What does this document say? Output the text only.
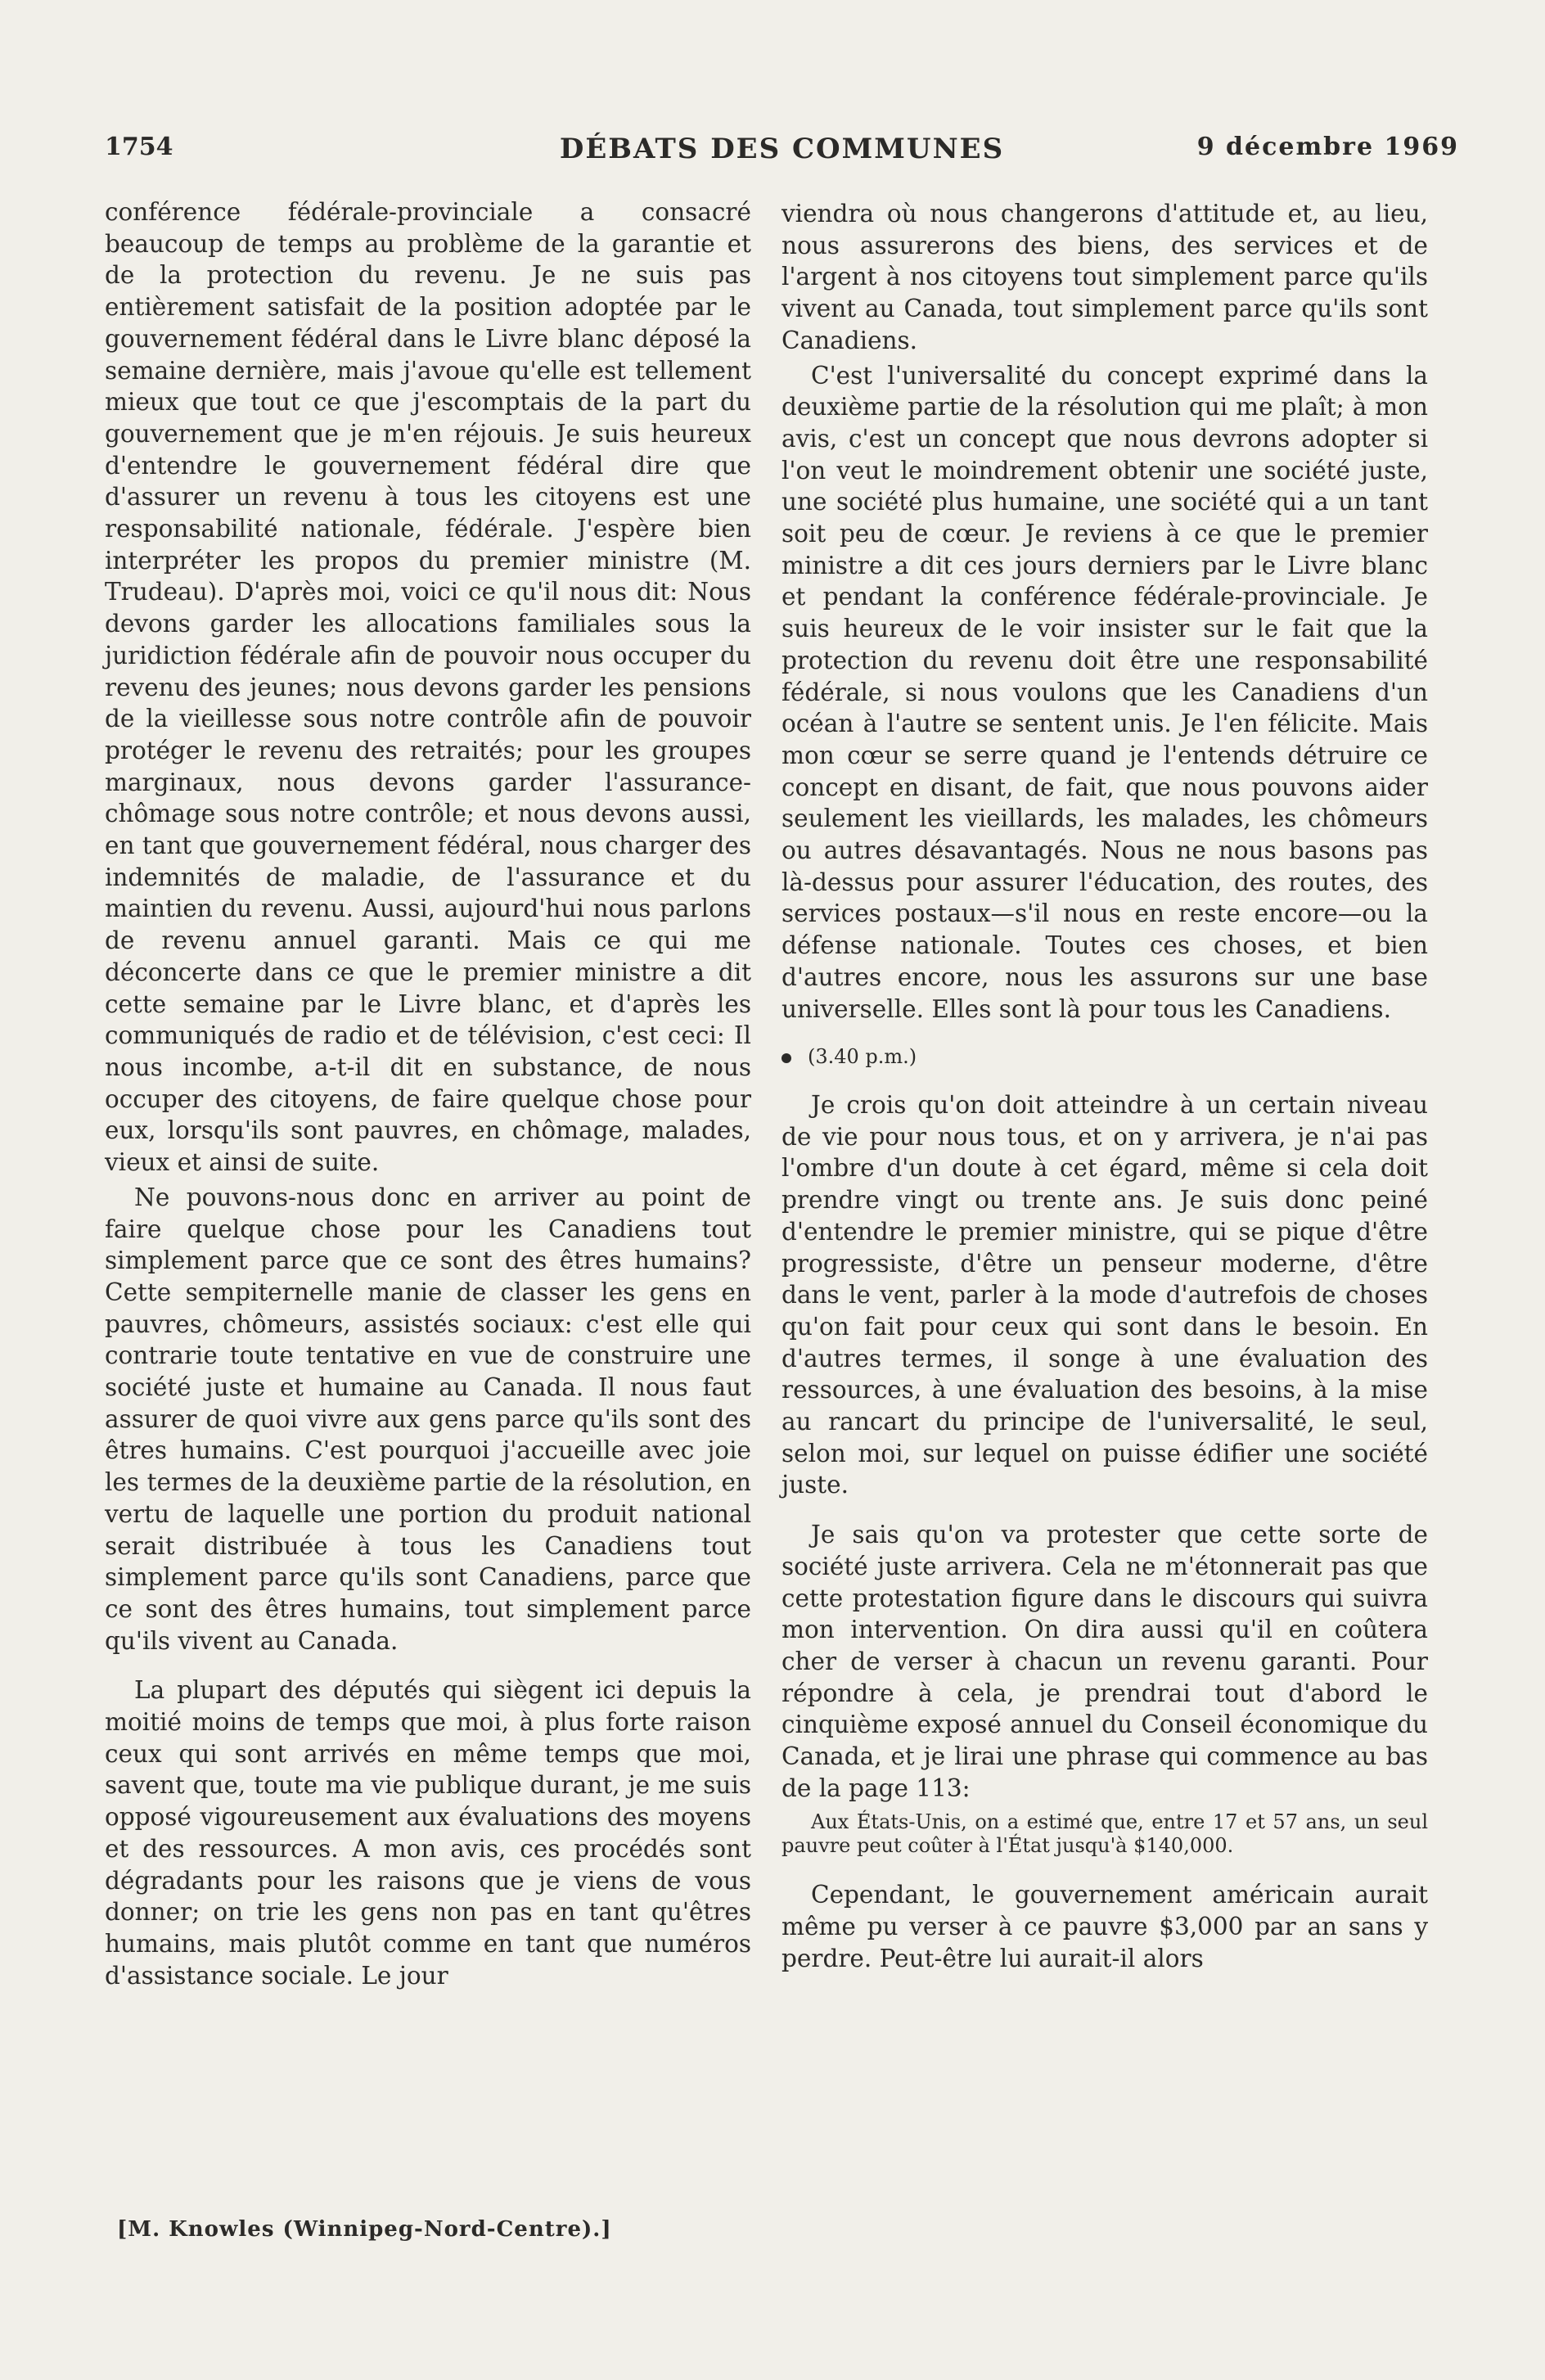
1754	DÉBATS DES COMMUNES	9 décembre 1969

conférence fédérale-provinciale a consacré beaucoup de temps au problème de la garantie et de la protection du revenu. Je ne suis pas entièrement satisfait de la position adoptée par le gouvernement fédéral dans le Livre blanc déposé la semaine dernière, mais j'avoue qu'elle est tellement mieux que tout ce que j'escomptais de la part du gouvernement que je m'en réjouis. Je suis heureux d'entendre le gouvernement fédéral dire que d'assurer un revenu à tous les citoyens est une responsabilité nationale, fédérale. J'espère bien interpréter les propos du premier ministre (M. Trudeau). D'après moi, voici ce qu'il nous dit: Nous devons garder les allocations familiales sous la juridiction fédérale afin de pouvoir nous occuper du revenu des jeunes; nous devons garder les pensions de la vieillesse sous notre contrôle afin de pouvoir protéger le revenu des retraités; pour les groupes marginaux, nous devons garder l'assurance-chômage sous notre contrôle; et nous devons aussi, en tant que gouvernement fédéral, nous charger des indemnités de maladie, de l'assurance et du maintien du revenu. Aussi, aujourd'hui nous parlons de revenu annuel garanti. Mais ce qui me déconcerte dans ce que le premier ministre a dit cette semaine par le Livre blanc, et d'après les communiqués de radio et de télévision, c'est ceci: Il nous incombe, a-t-il dit en substance, de nous occuper des citoyens, de faire quelque chose pour eux, lorsqu'ils sont pauvres, en chômage, malades, vieux et ainsi de suite.

Ne pouvons-nous donc en arriver au point de faire quelque chose pour les Canadiens tout simplement parce que ce sont des êtres humains? Cette sempiternelle manie de classer les gens en pauvres, chômeurs, assistés sociaux: c'est elle qui contrarie toute tentative en vue de construire une société juste et humaine au Canada. Il nous faut assurer de quoi vivre aux gens parce qu'ils sont des êtres humains. C'est pourquoi j'accueille avec joie les termes de la deuxième partie de la résolution, en vertu de laquelle une portion du produit national serait distribuée à tous les Canadiens tout simplement parce qu'ils sont Canadiens, parce que ce sont des êtres humains, tout simplement parce qu'ils vivent au Canada.

La plupart des députés qui siègent ici depuis la moitié moins de temps que moi, à plus forte raison ceux qui sont arrivés en même temps que moi, savent que, toute ma vie publique durant, je me suis opposé vigoureusement aux évaluations des moyens et des ressources. A mon avis, ces procédés sont dégradants pour les raisons que je viens de vous donner; on trie les gens non pas en tant qu'êtres humains, mais plutôt comme en tant que numéros d'assistance sociale. Le jour

viendra où nous changerons d'attitude et, au lieu, nous assurerons des biens, des services et de l'argent à nos citoyens tout simplement parce qu'ils vivent au Canada, tout simplement parce qu'ils sont Canadiens.

C'est l'universalité du concept exprimé dans la deuxième partie de la résolution qui me plaît; à mon avis, c'est un concept que nous devrons adopter si l'on veut le moindrement obtenir une société juste, une société plus humaine, une société qui a un tant soit peu de cœur. Je reviens à ce que le premier ministre a dit ces jours derniers par le Livre blanc et pendant la conférence fédérale-provinciale. Je suis heureux de le voir insister sur le fait que la protection du revenu doit être une responsabilité fédérale, si nous voulons que les Canadiens d'un océan à l'autre se sentent unis. Je l'en félicite. Mais mon cœur se serre quand je l'entends détruire ce concept en disant, de fait, que nous pouvons aider seulement les vieillards, les malades, les chômeurs ou autres désavantagés. Nous ne nous basons pas là-dessus pour assurer l'éducation, des routes, des services postaux—s'il nous en reste encore—ou la défense nationale. Toutes ces choses, et bien d'autres encore, nous les assurons sur une base universelle. Elles sont là pour tous les Canadiens.

(3.40 p.m.)

Je crois qu'on doit atteindre à un certain niveau de vie pour nous tous, et on y arrivera, je n'ai pas l'ombre d'un doute à cet égard, même si cela doit prendre vingt ou trente ans. Je suis donc peiné d'entendre le premier ministre, qui se pique d'être progressiste, d'être un penseur moderne, d'être dans le vent, parler à la mode d'autrefois de choses qu'on fait pour ceux qui sont dans le besoin. En d'autres termes, il songe à une évaluation des ressources, à une évaluation des besoins, à la mise au rancart du principe de l'universalité, le seul, selon moi, sur lequel on puisse édifier une société juste.

Je sais qu'on va protester que cette sorte de société juste arrivera. Cela ne m'étonnerait pas que cette protestation figure dans le discours qui suivra mon intervention. On dira aussi qu'il en coûtera cher de verser à chacun un revenu garanti. Pour répondre à cela, je prendrai tout d'abord le cinquième exposé annuel du Conseil économique du Canada, et je lirai une phrase qui commence au bas de la page 113:

Aux États-Unis, on a estimé que, entre 17 et 57 ans, un seul pauvre peut coûter à l'État jusqu'à $140,000.

Cependant, le gouvernement américain aurait même pu verser à ce pauvre $3,000 par an sans y perdre. Peut-être lui aurait-il alors

[M. Knowles (Winnipeg-Nord-Centre).]
